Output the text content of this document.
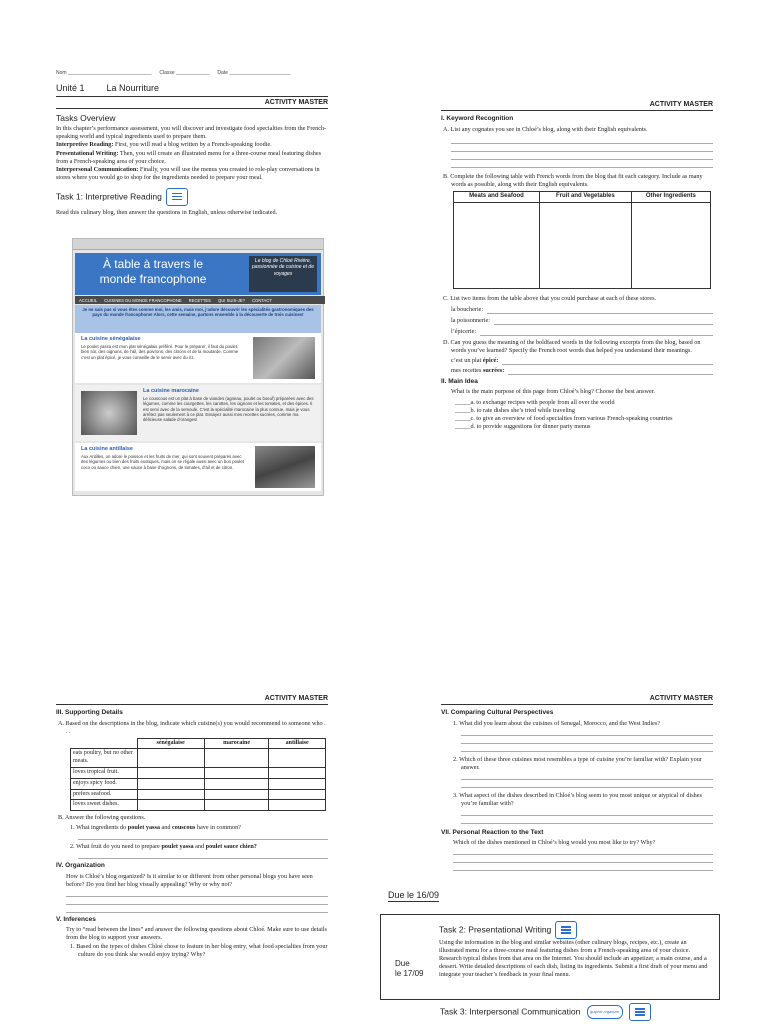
Nom ______________________________ Classe ____________ Date ______________________
Unité 1 La Nourriture
ACTIVITY MASTER
Tasks Overview
In this chapter’s performance assessment, you will discover and investigate food specialties from the French-speaking world and typical ingredients used to prepare them.
Interpretive Reading: First, you will read a blog written by a French-speaking foodie.
Presentational Writing: Then, you will create an illustrated menu for a three-course meal featuring dishes from a French-speaking area of your choice.
Interpersonal Communication: Finally, you will use the menus you created to role-play conversations in stores where you would go to shop for the ingredients needed to prepare your meal.
Task 1: Interpretive Reading
Read this culinary blog, then answer the questions in English, unless otherwise indicated.
À table à travers le monde francophone
Le blog de Chloé Rivière, passionnée de cuisine et de voyages
ACCUEIL CUISINES DU MONDE FRANCOPHONE RECETTES QUI SUIS-JE? CONTACT
Je ne sais pas si vous êtes comme moi, les amis, mais moi, j’adore découvrir les spécialités gastronomiques des pays du monde francophone! Alors, cette semaine, partons ensemble à la découverte de trois cuisines!
La cuisine sénégalaise
Le poulet yassa est mon plat sénégalais préféré. Pour le préparer, il faut du poulet, bien sûr, des oignons, de l’ail, des poivrons, des citrons et de la moutarde. Comme c’est un plat épicé, je vous conseille de le servir avec du riz.
La cuisine marocaine
Le couscous est un plat à base de viandes (agneau, poulet ou boeuf) préparées avec des légumes, comme les courgettes, les carottes, les oignons et les tomates, et des épices. Il est servi avec de la semoule. C’est la spécialité marocaine la plus connue, mais je vous arrêtez pas seulement à ce plat. Essayez aussi mes recettes sucrées, comme ma délicieuse salade d’oranges!
La cuisine antillaise
Aux Antilles, on adore le poisson et les fruits de mer, qui sont souvent préparés avec des légumes ou bien des fruits exotiques, mais on se régale aussi avec un bon poulet coco ou sauce chien, une sauce à base d’oignons, de tomates, d’ail et de citron.
ACTIVITY MASTER
I. Keyword Recognition
A. List any cognates you see in Chloé’s blog, along with their English equivalents.
B. Complete the following table with French words from the blog that fit each category. Include as many words as possible, along with their English equivalents.
Meats and Seafood	Fruit and Vegetables	Other Ingredients

C. List two items from the table above that you could purchase at each of these stores.
la boucherie:
la poissonnerie:
l’épicerie:
D. Can you guess the meaning of the boldfaced words in the following excerpts from the blog, based on words you’ve learned? Specify the French root words that helped you understand their meanings.
c’est un plat épicé:
mes recettes sucrées:
II. Main Idea
What is the main purpose of this page from Chloé’s blog? Choose the best answer.
_____a. to exchange recipes with people from all over the world
_____b. to rate dishes she’s tried while traveling
_____c. to give an overview of food specialties from various French-speaking countries
_____d. to provide suggestions for dinner party menus
ACTIVITY MASTER
III. Supporting Details
A. Based on the descriptions in the blog, indicate which cuisine(s) you would recommend to someone who . . .
	sénégalaise	marocaine	antillaise
eats poultry, but no other meats.			
loves tropical fruit.			
enjoys spicy food.			
prefers seafood.			
loves sweet dishes.			
B. Answer the following questions.
1. What ingredients do poulet yassa and couscous have in common?
2. What fruit do you need to prepare poulet yassa and poulet sauce chien?
IV. Organization
How is Chloé’s blog organized? Is it similar to or different from other personal blogs you have seen before? Do you find her blog visually appealing? Why or why not?
V. Inferences
Try to “read between the lines” and answer the following questions about Chloé. Make sure to use details from the blog to support your answers.
1. Based on the types of dishes Chloé chose to feature in her blog entry, what food specialties from your culture do you think she would enjoy trying? Why?
ACTIVITY MASTER
VI. Comparing Cultural Perspectives
1. What did you learn about the cuisines of Senegal, Morocco, and the West Indies?
2. Which of these three cuisines most resembles a type of cuisine you’re familiar with? Explain your answer.
3. What aspect of the dishes described in Chloé’s blog seem to you most unique or atypical of dishes you’re familiar with?
VII. Personal Reaction to the Text
Which of the dishes mentioned in Chloé’s blog would you most like to try? Why?
Due le 16/09
Due
le 17/09
Task 2: Presentational Writing
Using the information in the blog and similar websites (other culinary blogs, recipes, etc.), create an illustrated menu for a three-course meal featuring dishes from a French-speaking area of your choice. Research typical dishes from that area on the Internet. You should include an appetizer, a main course, and a dessert. Write detailed descriptions of each dish, listing its ingredients. Submit a first draft of your menu and integrate your teacher’s feedback in your final menu.
Task 3: Interpersonal Communication	graphic organizer
